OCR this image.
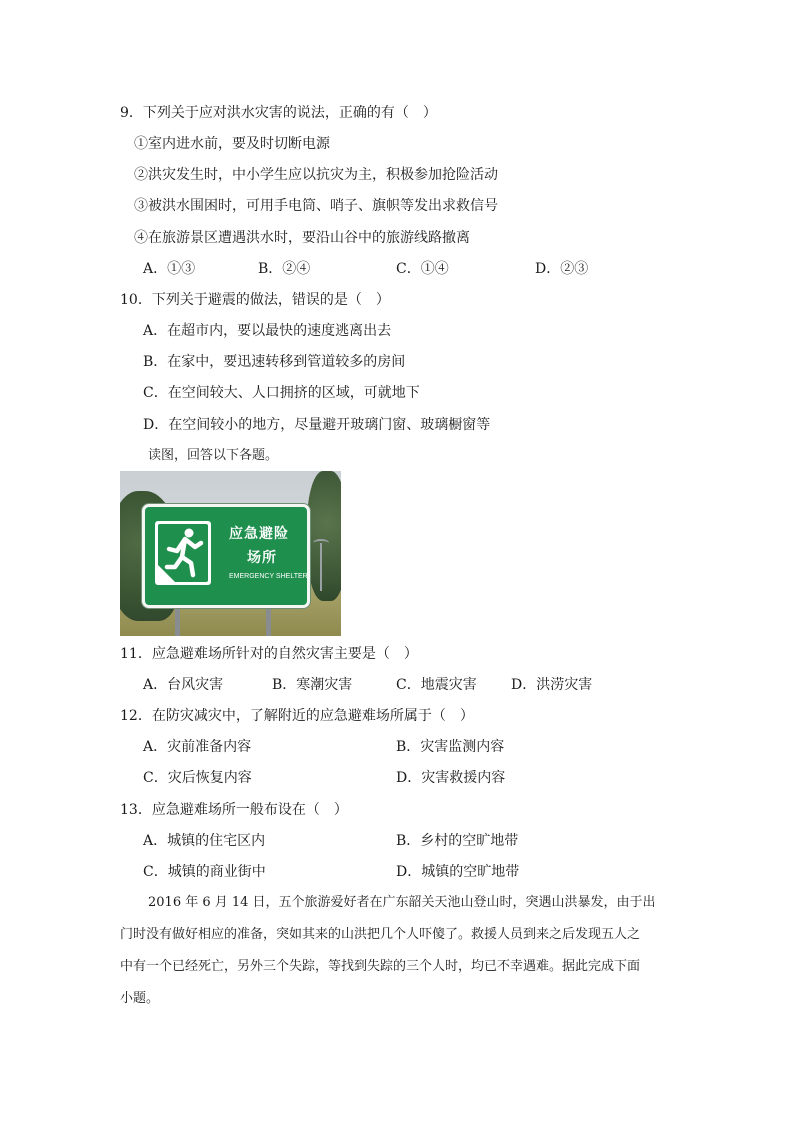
9．下列关于应对洪水灾害的说法，正确的有（　）
①室内进水前，要及时切断电源
②洪灾发生时，中小学生应以抗灾为主，积极参加抢险活动
③被洪水围困时，可用手电筒、哨子、旗帜等发出求救信号
④在旅游景区遭遇洪水时，要沿山谷中的旅游线路撤离
A．①③	B．②④	C．①④	D．②③
10．下列关于避震的做法，错误的是（　）
A．在超市内，要以最快的速度逃离出去
B．在家中，要迅速转移到管道较多的房间
C．在空间较大、人口拥挤的区域，可就地下
D．在空间较小的地方，尽量避开玻璃门窗、玻璃橱窗等
读图，回答以下各题。
应急避险
场所
EMERGENCY SHELTER
11．应急避难场所针对的自然灾害主要是（　）
A．台风灾害	B．寒潮灾害	C．地震灾害 D．洪涝灾害
12．在防灾减灾中，了解附近的应急避难场所属于（　）
A．灾前准备内容	B．灾害监测内容
C．灾后恢复内容	D．灾害救援内容
13．应急避难场所一般布设在（　）
A．城镇的住宅区内	B．乡村的空旷地带
C．城镇的商业街中	D．城镇的空旷地带
2016 年 6 月 14 日，五个旅游爱好者在广东韶关天池山登山时，突遇山洪暴发，由于出
门时没有做好相应的准备，突如其来的山洪把几个人吓傻了。救援人员到来之后发现五人之
中有一个已经死亡，另外三个失踪，等找到失踪的三个人时，均已不幸遇难。据此完成下面
小题。
